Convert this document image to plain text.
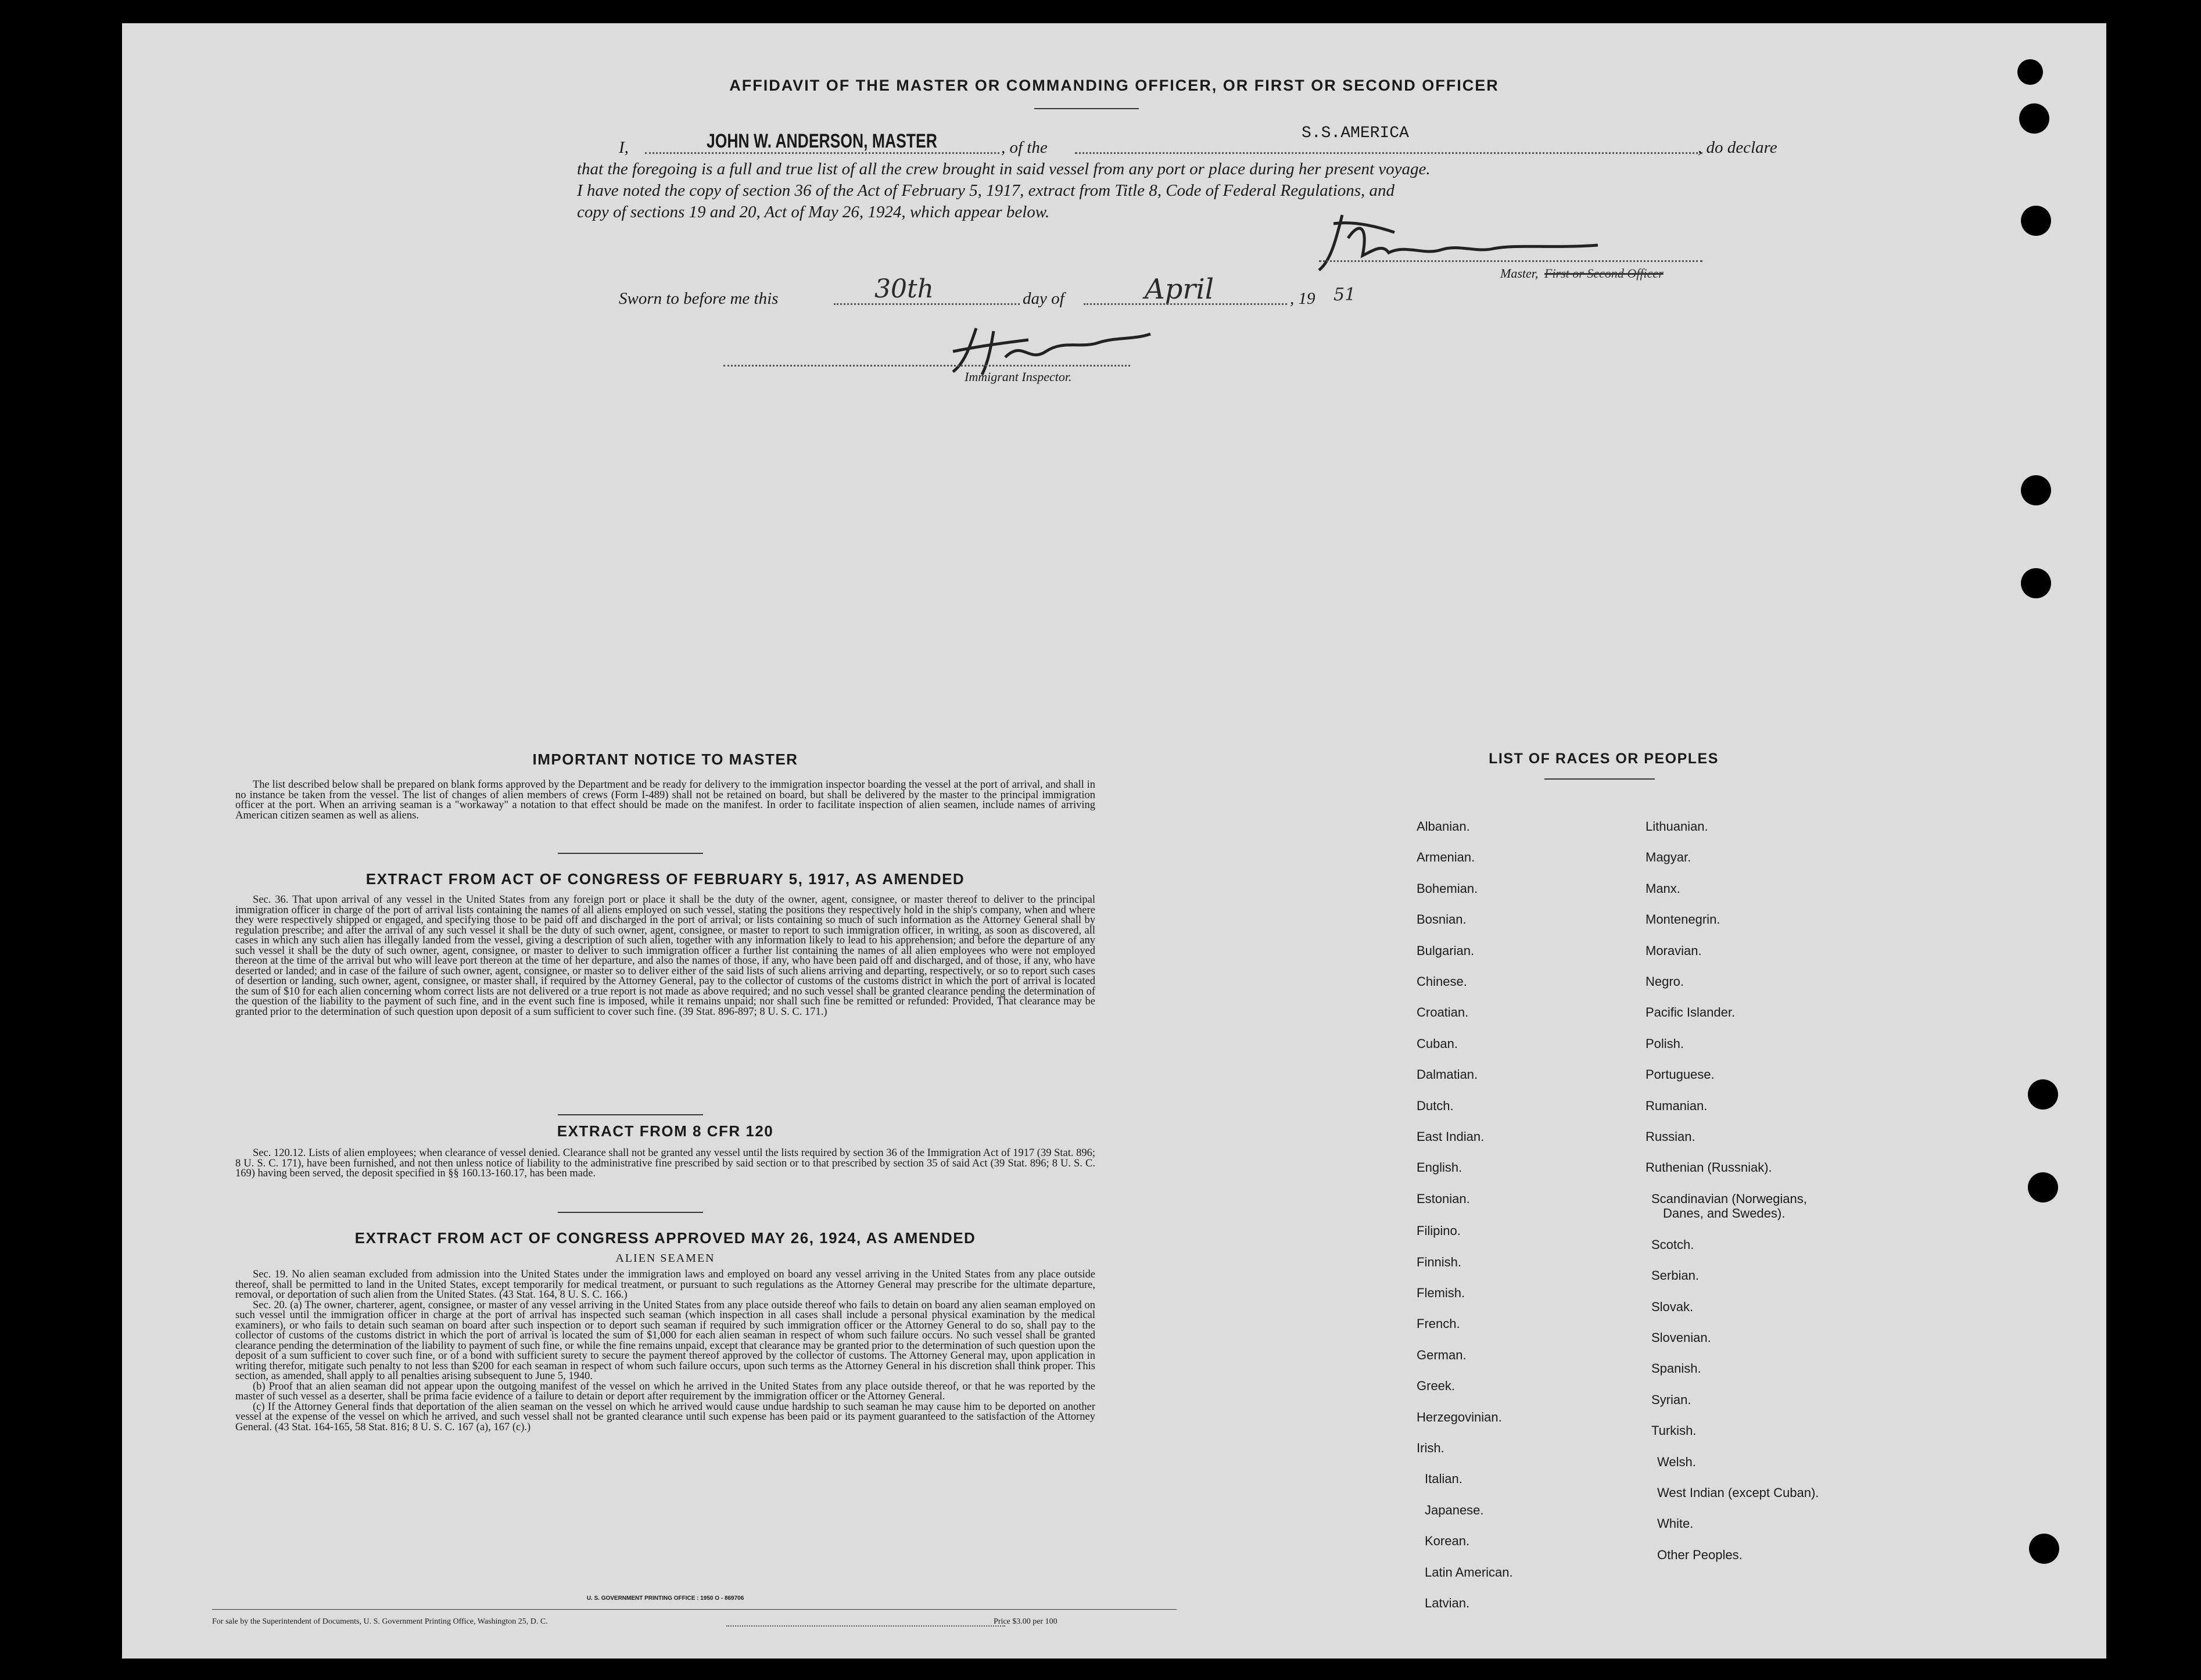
AFFIDAVIT OF THE MASTER OR COMMANDING OFFICER, OR FIRST OR SECOND OFFICER
I,	JOHN W. ANDERSON, MASTER	, of the
S.S.AMERICA
, do declare
that the foregoing is a full and true list of all the crew brought in said vessel from any port or place during her present voyage.
I have noted the copy of section 36 of the Act of February 5, 1917, extract from Title 8, Code of Federal Regulations, and
copy of sections 19 and 20, Act of May 26, 1924, which appear below.
Master, First or Second Officer
Sworn to before me this	30th	day of	April	, 19 51
Immigrant Inspector.
IMPORTANT NOTICE TO MASTER

The list described below shall be prepared on blank forms approved by the Department and be ready for delivery to the immigration inspector boarding the vessel at the port of arrival, and shall in no instance be taken from the vessel. The list of changes of alien members of crews (Form I-489) shall not be retained on board, but shall be delivered by the master to the principal immigration officer at the port. When an arriving seaman is a "workaway" a notation to that effect should be made on the manifest. In order to facilitate inspection of alien seamen, include names of arriving American citizen seamen as well as aliens.

EXTRACT FROM ACT OF CONGRESS OF FEBRUARY 5, 1917, AS AMENDED

Sec. 36. That upon arrival of any vessel in the United States from any foreign port or place it shall be the duty of the owner, agent, consignee, or master thereof to deliver to the principal immigration officer in charge of the port of arrival lists containing the names of all aliens employed on such vessel, stating the positions they respectively hold in the ship's company, when and where they were respectively shipped or engaged, and specifying those to be paid off and discharged in the port of arrival; or lists containing so much of such information as the Attorney General shall by regulation prescribe; and after the arrival of any such vessel it shall be the duty of such owner, agent, consignee, or master to report to such immigration officer, in writing, as soon as discovered, all cases in which any such alien has illegally landed from the vessel, giving a description of such alien, together with any information likely to lead to his apprehension; and before the departure of any such vessel it shall be the duty of such owner, agent, consignee, or master to deliver to such immigration officer a further list containing the names of all alien employees who were not employed thereon at the time of the arrival but who will leave port thereon at the time of her departure, and also the names of those, if any, who have been paid off and discharged, and of those, if any, who have deserted or landed; and in case of the failure of such owner, agent, consignee, or master so to deliver either of the said lists of such aliens arriving and departing, respectively, or so to report such cases of desertion or landing, such owner, agent, consignee, or master shall, if required by the Attorney General, pay to the collector of customs of the customs district in which the port of arrival is located the sum of $10 for each alien concerning whom correct lists are not delivered or a true report is not made as above required; and no such vessel shall be granted clearance pending the determination of the question of the liability to the payment of such fine, and in the event such fine is imposed, while it remains unpaid; nor shall such fine be remitted or refunded: Provided, That clearance may be granted prior to the determination of such question upon deposit of a sum sufficient to cover such fine. (39 Stat. 896-897; 8 U. S. C. 171.)

EXTRACT FROM 8 CFR 120

Sec. 120.12. Lists of alien employees; when clearance of vessel denied. Clearance shall not be granted any vessel until the lists required by section 36 of the Immigration Act of 1917 (39 Stat. 896; 8 U. S. C. 171), have been furnished, and not then unless notice of liability to the administrative fine prescribed by said section or to that prescribed by section 35 of said Act (39 Stat. 896; 8 U. S. C. 169) having been served, the deposit specified in §§ 160.13-160.17, has been made.

EXTRACT FROM ACT OF CONGRESS APPROVED MAY 26, 1924, AS AMENDED
ALIEN SEAMEN

Sec. 19. No alien seaman excluded from admission into the United States under the immigration laws and employed on board any vessel arriving in the United States from any place outside thereof, shall be permitted to land in the United States, except temporarily for medical treatment, or pursuant to such regulations as the Attorney General may prescribe for the ultimate departure, removal, or deportation of such alien from the United States. (43 Stat. 164, 8 U. S. C. 166.)

Sec. 20. (a) The owner, charterer, agent, consignee, or master of any vessel arriving in the United States from any place outside thereof who fails to detain on board any alien seaman employed on such vessel until the immigration officer in charge at the port of arrival has inspected such seaman (which inspection in all cases shall include a personal physical examination by the medical examiners), or who fails to detain such seaman on board after such inspection or to deport such seaman if required by such immigration officer or the Attorney General to do so, shall pay to the collector of customs of the customs district in which the port of arrival is located the sum of $1,000 for each alien seaman in respect of whom such failure occurs. No such vessel shall be granted clearance pending the determination of the liability to payment of such fine, or while the fine remains unpaid, except that clearance may be granted prior to the determination of such question upon the deposit of a sum sufficient to cover such fine, or of a bond with sufficient surety to secure the payment thereof approved by the collector of customs. The Attorney General may, upon application in writing therefor, mitigate such penalty to not less than $200 for each seaman in respect of whom such failure occurs, upon such terms as the Attorney General in his discretion shall think proper. This section, as amended, shall apply to all penalties arising subsequent to June 5, 1940.

(b) Proof that an alien seaman did not appear upon the outgoing manifest of the vessel on which he arrived in the United States from any place outside thereof, or that he was reported by the master of such vessel as a deserter, shall be prima facie evidence of a failure to detain or deport after requirement by the immigration officer or the Attorney General.

(c) If the Attorney General finds that deportation of the alien seaman on the vessel on which he arrived would cause undue hardship to such seaman he may cause him to be deported on another vessel at the expense of the vessel on which he arrived, and such vessel shall not be granted clearance until such expense has been paid or its payment guaranteed to the satisfaction of the Attorney General. (43 Stat. 164-165, 58 Stat. 816; 8 U. S. C. 167 (a), 167 (c).)

U. S. GOVERNMENT PRINTING OFFICE : 1950 O - 869706
For sale by the Superintendent of Documents, U. S. Government Printing Office, Washington 25, D. C.	Price $3.00 per 100
LIST OF RACES OR PEOPLES
Albanian.
Armenian.
Bohemian.
Bosnian.
Bulgarian.
Chinese.
Croatian.
Cuban.
Dalmatian.
Dutch.
East Indian.
English.
Estonian.
Filipino.
Finnish.
Flemish.
French.
German.
Greek.
Herzegovinian.
Irish.
Italian.
Japanese.
Korean.
Latin American.
Latvian.
Lithuanian.
Magyar.
Manx.
Montenegrin.
Moravian.
Negro.
Pacific Islander.
Polish.
Portuguese.
Rumanian.
Russian.
Ruthenian (Russniak).
Scandinavian (Norwegians,
Danes, and Swedes).
Scotch.
Serbian.
Slovak.
Slovenian.
Spanish.
Syrian.
Turkish.
Welsh.
West Indian (except Cuban).
White.
Other Peoples.
